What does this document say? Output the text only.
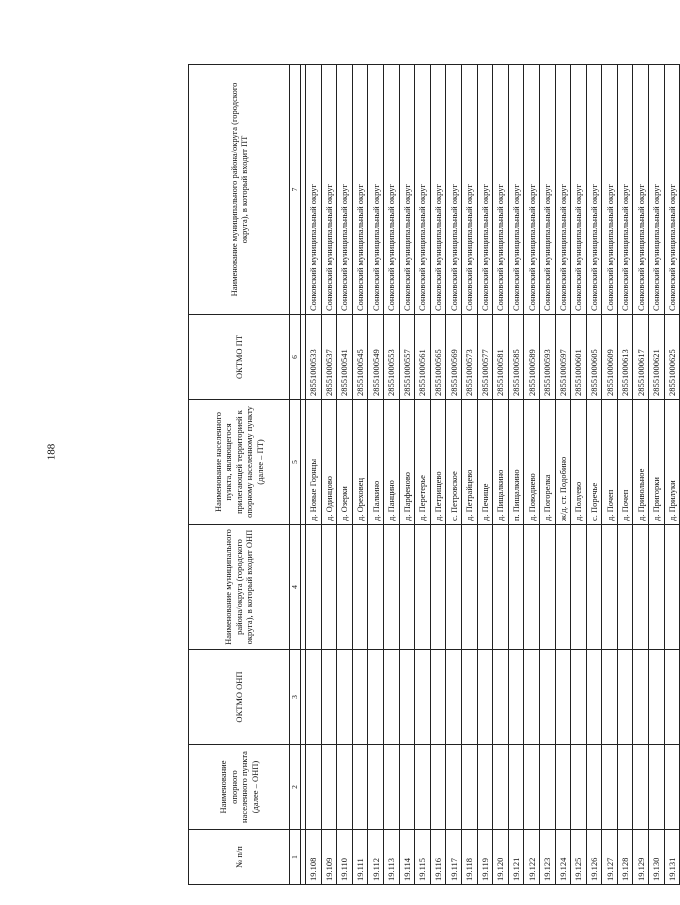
188
№ п/п	Наименование опорного населенного пункта (далее – ОНП)	ОКТМО ОНП	Наименование муниципального района/округа (городского округа), в который входит ОНП	Наименование населенного пункта, являющегося прилегающей территорией к опорному населенному пункту (далее – ПТ)	ОКТМО ПТ	Наименование муниципального района/округа (городского округа), в который входит ПТ
1	2	3	4	5	6	7

19.108				д. Новые Горнцы	28551000533	Сонковский муниципальный округ
19.109				д. Одинцово	28551000537	Сонковский муниципальный округ
19.110				д. Озерки	28551000541	Сонковский муниципальный округ
19.111				д. Ореховец	28551000545	Сонковский муниципальный округ
19.112				д. Палкино	28551000549	Сонковский муниципальный округ
19.113				д. Панцино	28551000553	Сонковский муниципальный округ
19.114				д. Парфеново	28551000557	Сонковский муниципальный округ
19.115				д. Перетерье	28551000561	Сонковский муниципальный округ
19.116				д. Петрищево	28551000565	Сонковский муниципальный округ
19.117				с. Петровское	28551000569	Сонковский муниципальный округ
19.118				д. Петрайцево	28551000573	Сонковский муниципальный округ
19.119				д. Печище	28551000577	Сонковский муниципальный округ
19.120				д. Пищалкино	28551000581	Сонковский муниципальный округ
19.121				п. Пищалкино	28551000585	Сонковский муниципальный округ
19.122				д. Поводнево	28551000589	Сонковский муниципальный округ
19.123				д. Погорелка	28551000593	Сонковский муниципальный округ
19.124				ж/д. ст. Подобино	28551000597	Сонковский муниципальный округ
19.125				д. Полуево	28551000601	Сонковский муниципальный округ
19.126				с. Поречье	28551000605	Сонковский муниципальный округ
19.127				д. Почеп	28551000609	Сонковский муниципальный округ
19.128				д. Почеп	28551000613	Сонковский муниципальный округ
19.129				д. Привольное	28551000617	Сонковский муниципальный округ
19.130				д. Пригорки	28551000621	Сонковский муниципальный округ
19.131				д. Прилуки	28551000625	Сонковский муниципальный округ
